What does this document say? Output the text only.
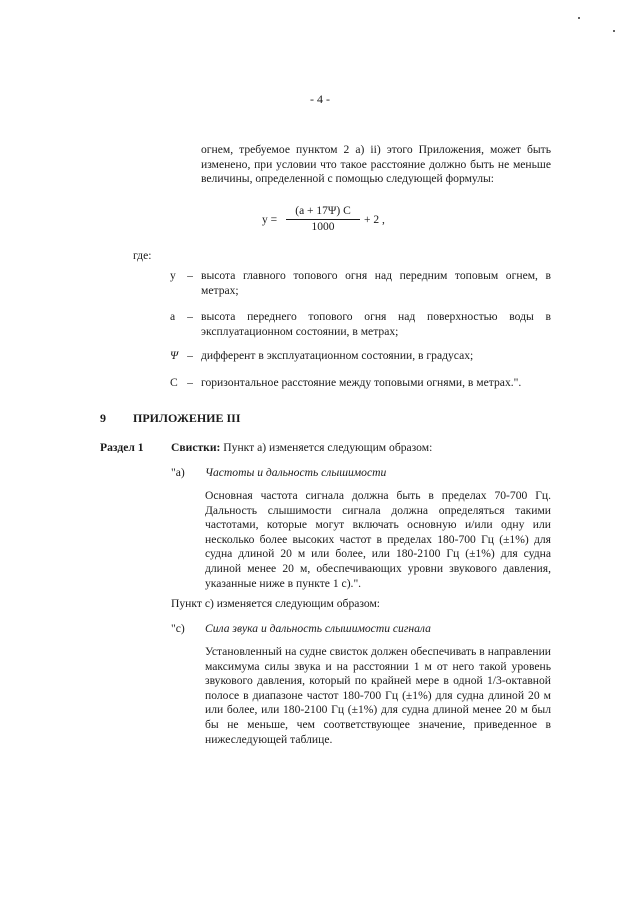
- 4 -
огнем, требуемое пунктом 2 а) ii) этого Приложения, может быть
изменено, при условии что такое расстояние должно быть не меньше
величины, определенной с помощью следующей формулы:
y =
(a + 17Ψ) C
1000
+ 2 ,
где:
y – высота главного топового огня над передним топовым огнем, в
метрах;
a	– высота переднего топового огня над поверхностью воды в
эксплуатационном состоянии, в метрах;
Ψ – дифферент в эксплуатационном состоянии, в градусах;
C – горизонтальное расстояние между топовыми огнями, в метрах.".
9 ПРИЛОЖЕНИЕ III
Раздел 1 Свистки: Пункт а) изменяется следующим образом:
"а)	Частоты и дальность слышимости
Основная частота сигнала должна быть в пределах 70-700 Гц.
Дальность слышимости сигнала должна определяться такими
частотами, которые могут включать основную и/или одну или
несколько более высоких частот в пределах 180-700 Гц (±1%) для
судна длиной 20 м или более, или 180-2100 Гц (±1%) для судна
длиной менее 20 м, обеспечивающих уровни звукового давления,
указанные ниже в пункте 1 с).".
Пункт с) изменяется следующим образом:
"с)	Сила звука и дальность слышимости сигнала
Установленный на судне свисток должен обеспечивать в направлении
максимума силы звука и на расстоянии 1 м от него такой уровень
звукового давления, который по крайней мере в одной 1/3-октавной
полосе в диапазоне частот 180-700 Гц (±1%) для судна длиной 20 м
или более, или 180-2100 Гц (±1%) для судна длиной менее 20 м был
бы не меньше, чем соответствующее значение, приведенное в
нижеследующей таблице.
